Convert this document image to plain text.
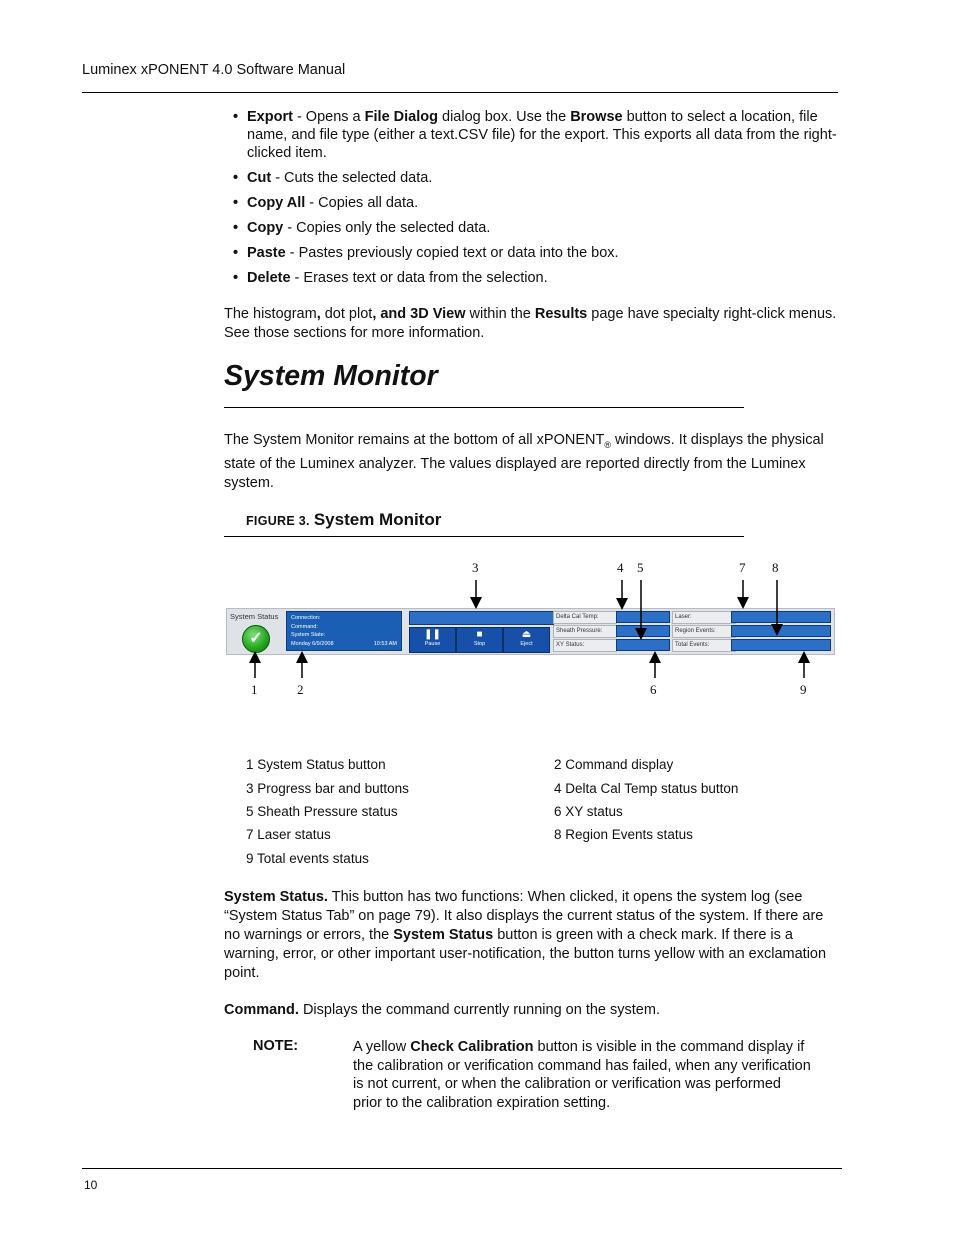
Luminex xPONENT 4.0 Software Manual
• Export - Opens a File Dialog dialog box. Use the Browse button to select a location, file name, and file type (either a text.CSV file) for the export. This exports all data from the right-clicked item.
• Cut - Cuts the selected data.
• Copy All - Copies all data.
• Copy - Copies only the selected data.
• Paste - Pastes previously copied text or data into the box.
• Delete - Erases text or data from the selection.
The histogram, dot plot, and 3D View within the Results page have specialty right-click menus. See those sections for more information.
System Monitor
The System Monitor remains at the bottom of all xPONENT$_®$ windows. It displays the physical state of the Luminex analyzer. The values displayed are reported directly from the Luminex system.
FIGURE 3. System Monitor
System Status
✓
Connection:
Command:
System State:
Monday 6/9/2008	10:53 AM
❚❚
Pause
■
Stop
⏏
Eject
Delta Cal Temp:
Sheath Pressure:
XY Status:
Laser:
Region Events:
Total Events:
3	4 5	7 8
1	2	6	9
1 System Status button	2 Command display
3 Progress bar and buttons	4 Delta Cal Temp status button
5 Sheath Pressure status	6 XY status
7 Laser status	8 Region Events status
9 Total events status
System Status. This button has two functions: When clicked, it opens the system log (see “System Status Tab” on page 79). It also displays the current status of the system. If there are no warnings or errors, the System Status button is green with a check mark. If there is a warning, error, or other important user-notification, the button turns yellow with an exclamation point.
Command. Displays the command currently running on the system.
NOTE:	A yellow Check Calibration button is visible in the command display if the calibration or verification command has failed, when any verification is not current, or when the calibration or verification was performed prior to the calibration expiration setting.
10
